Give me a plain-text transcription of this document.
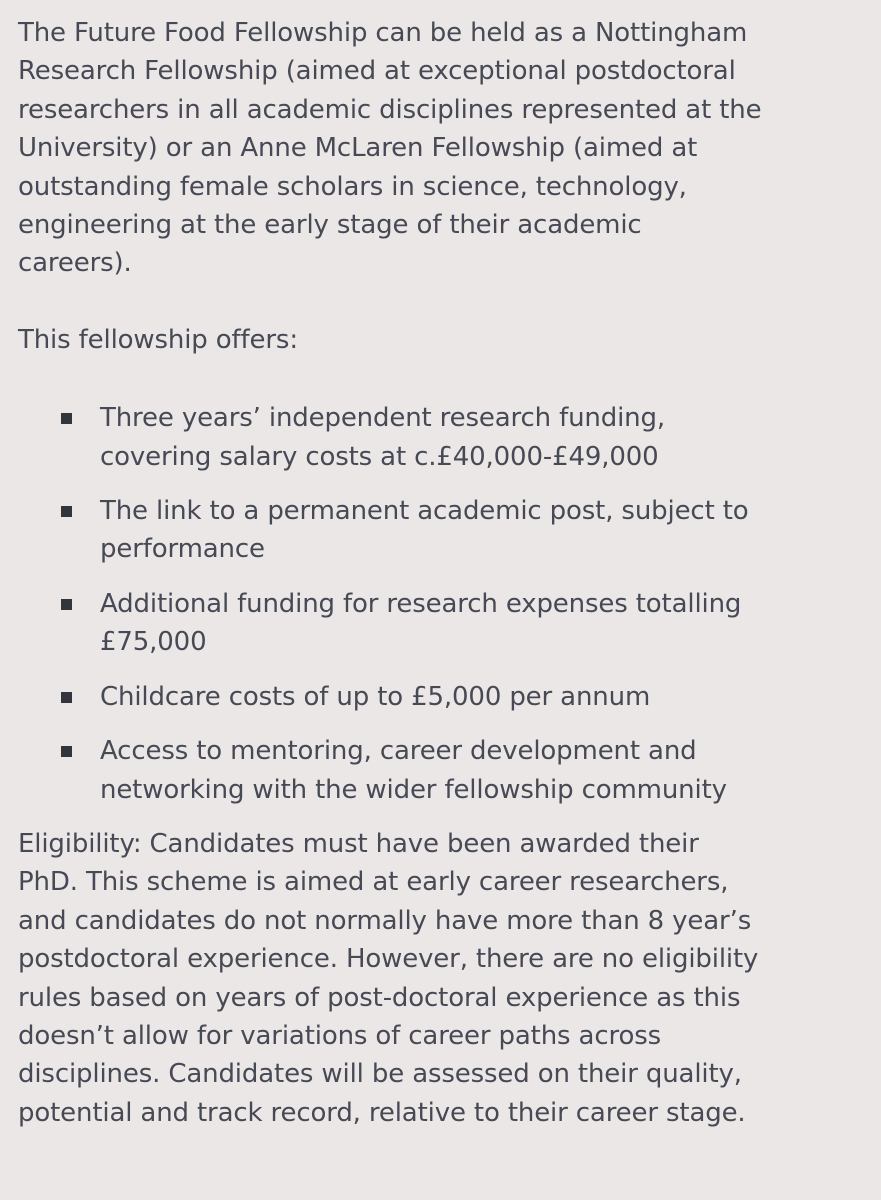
The Future Food Fellowship can be held as a Nottingham
Research Fellowship (aimed at exceptional postdoctoral
researchers in all academic disciplines represented at the
University) or an Anne McLaren Fellowship (aimed at
outstanding female scholars in science, technology,
engineering at the early stage of their academic
careers).

This fellowship offers:

Three years’ independent research funding,
covering salary costs at c.£40,000-£49,000
The link to a permanent academic post, subject to
performance
Additional funding for research expenses totalling
£75,000
Childcare costs of up to £5,000 per annum
Access to mentoring, career development and
networking with the wider fellowship community

Eligibility: Candidates must have been awarded their
PhD. This scheme is aimed at early career researchers,
and candidates do not normally have more than 8 year’s
postdoctoral experience. However, there are no eligibility
rules based on years of post-doctoral experience as this
doesn’t allow for variations of career paths across
disciplines. Candidates will be assessed on their quality,
potential and track record, relative to their career stage.
